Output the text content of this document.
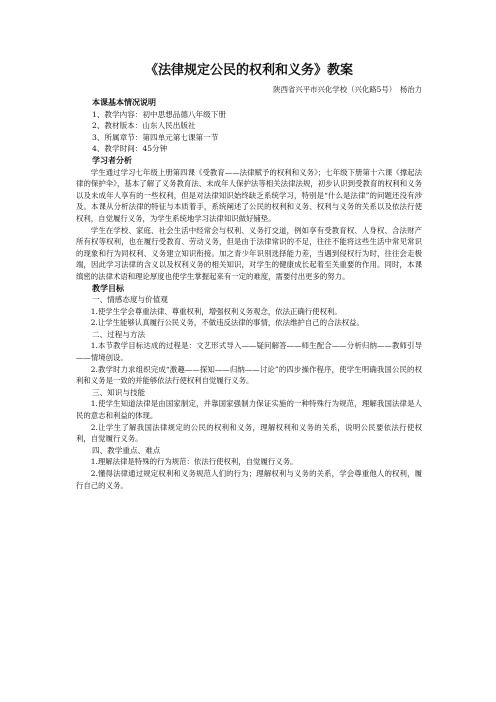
《法律规定公民的权利和义务》教案
陕西省兴平市兴化学校（兴化路5号）　杨治力
本课基本情况说明
1、教学内容：初中思想品德八年级下册
2、教材版本：山东人民出版社
3、所属章节：第四单元第七课第一节
4、教学时间：45分钟
学习者分析

学生通过学习七年级上册第四课《受教育——法律赋予的权利和义务》；七年级下册第十六课《撑起法律的保护伞》，基本了解了义务教育法、未成年人保护法等相关法律法规，初步认识到受教育的权利和义务以及未成年人享有的一些权利，但是对法律知识始终缺乏系统学习，特别是“什么是法律”的问题还没有涉及。本课从分析法律的特征与本质着手，系统阐述了公民的权利和义务、权利与义务的关系以及依法行使权利，自觉履行义务，为学生系统地学习法律知识做好铺垫。

学生在学校、家庭、社会生活中经常会与权利、义务打交道，例如享有受教育权、人身权、合法财产所有权等权利，也在履行受教育、劳动义务，但是由于法律常识的不足，往往不能将这些生活中常见常识的现象和行为同权利、义务建立知识衔接。加之青少年识别选择能力差，当遇到侵权行为时，往往会走极端，因此学习法律的含义以及权利义务的相关知识，对学生的健康成长起着至关重要的作用。同时，本课缜密的法律术语和理论厚度也使学生掌握起来有一定的难度，需要付出更多的努力。

教学目标
一、情感态度与价值观

1.使学生学会尊重法律、尊重权利，增强权利义务观念，依法正确行使权利。

2.让学生能够认真履行公民义务，不做违反法律的事情，依法维护自己的合法权益。

二、过程与方法

1.本节教学目标达成的过程是：文艺形式导入——疑问解答——师生配合——分析归纳——教师引导——情境创设。

2.教学时力求组织完成“激趣——探知——归纳——讨论”的四步操作程序，使学生明确我国公民的权利和义务是一致的并能够依法行使权利自觉履行义务。

三、知识与技能

1.使学生知道法律是由国家制定，并靠国家强制力保证实施的一种特殊行为规范，理解我国法律是人民的意志和利益的体现。

2.让学生了解我国法律规定的公民的权利和义务，理解权利和义务的关系，说明公民要依法行使权利，自觉履行义务。

四、教学重点、难点

1.理解法律是特殊的行为规范：依法行使权利，自觉履行义务。

2.懂得法律通过规定权利和义务规范人们的行为；理解权利与义务的关系，学会尊重他人的权利，履行自己的义务。
